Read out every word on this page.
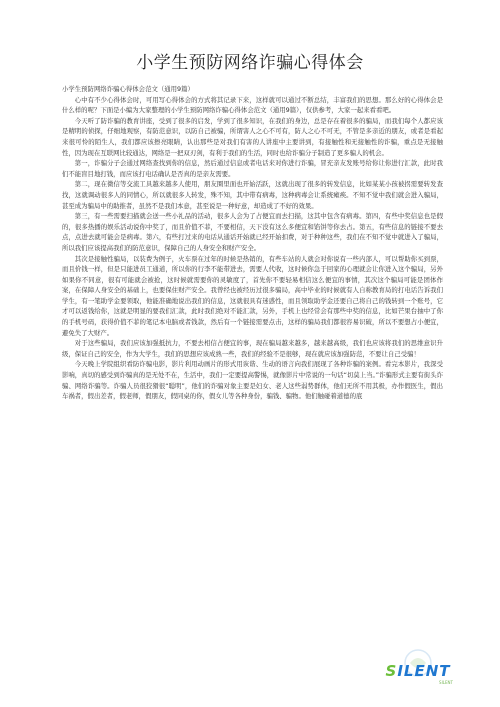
小学生预防网络诈骗心得体会

小学生预防网络诈骗心得体会范文（通用9篇）

心中有不少心得体会时，可用写心得体会的方式将其记录下来，这样就可以通过不断总结，丰富我们的思想。那么好的心得体会是什么样的呢？下面是小编为大家整理的小学生预防网络诈骗心得体会范文（通用9篇），仅供参考，大家一起来看看吧。

今天听了防诈骗的教育讲座，受到了很多的启发，学到了很多知识，在我们的身边，总是存在着很多的骗局，而我们每个人都应该是精明的侦探，仔细地观察，有防范意识，以防自己被骗，所谓害人之心不可有，防人之心不可无，不管是多亲近的朋友，或者是看起来很可怜的陌生人，我们都应该擦亮眼睛，认出那些是对我们有害的人讲座中主要讲到，有接触性和无接触性的诈骗，重点是无接触性，因为现在互联网比较通达，网络是一把双刃剑，有利于我们的生活，同时也给诈骗分子制造了更多骗人的机会。

第一，诈骗分子会通过网络查找到你的信息，然后通过信息或者电话来对你进行诈骗，冒充亲友发账号给你让你进行汇款，此时我们不能盲目地打钱，而应该打电话确认是否真的是亲友需要。

第二，现在微信等交流工具越来越多人使用，朋友圈里面也开始活跃，这就出现了很多的转发信息，比如某某小孩被拐需要转发查找，这就调动很多人的同情心，所以就很多人转发，殊不知，其中带有病毒，这种病毒会让系统瘫痪。不知不觉中我们就会进入骗局，甚至成为骗局中的助推者，虽然不是我们本意，甚至说是一种好意，却造成了不好的效果。

第三，有一些需要扫描就会送一些小礼品的活动，很多人会为了占便宜而去扫描，这其中包含有病毒。第四，有些中奖信息也是假的，很多热播的娱乐活动说你中奖了，而且价值不菲，不要相信，天下没有这么多便宜和馅饼等你去占。第五，有些信息的链接不要去点，点进去就可能会是病毒。第六，有些打过来的电话从通话开始就已经开始扣费，对于种种这些，我们在不知不觉中就进入了骗局，所以我们应该提高我们的防范意识，保障自己的人身安全和财产安全。

其次是接触性骗局，以装费为例子，火车票在过年的时候是热销的，有些车站的人就会对你说有一些内部人，可以帮助你买到票，而且价钱一样，但是只能进员工通道，所以你的行李不能带进去，需要人代收，这时候你急于回家的心理就会让你进入这个骗局，另外如果你不同意，很有可能就会被抢，这时候就需要你的灵敏度了，首先你不要轻易相信这么便宜的事情，其次这个骗局可能是团体作案，在保障人身安全的基础上，也要保住财产安全。我曾经也被经历过很多骗局，高中毕业的时候就有人自称教育局的打电话告诉我们学生，有一笔助学金要领取，他能准确地说出我们的信息，这就很具有迷惑性，而且领取助学金还要自己将自己的钱转到一个账号，它才可以返钱给你，这就是明显的要我们汇款，此时我们绝对不能汇款，另外，手机上也经常会有那些中奖的信息，比如芒果台抽中了你的手机号码，获得价值不菲的笔记本电脑或者钱款，然后有一个链接需要点击，这样的骗局我们都很容易识破，所以不要想占小便宜，避免失了大财产。

对于这些骗局，我们应该加强抵抗力，不要去相信占便宜的事，现在骗局越来越多，越来越高级，我们也应该将我们的思维意识升级，保证自己的安全，作为大学生，我们的思想应该成熟一些，我们的经验不是很够，现在就应该加强防范，不要让自己受骗！

今天晚上学院组织看防诈骗电影，影片利用动画片的形式用诙谐、生动的语言向我们展现了各种诈骗的案例。看完本影片，我深受影响，真切的感受到诈骗真的是无处不在，生活中，我们一定要提高警惕，就像影片中常说的一句话“切莫上当。”诈骗形式主要有街头诈骗、网络诈骗等。诈骗人员很狡猾很“聪明”，他们的诈骗对象主要是妇女、老人这些弱势群体，他们无所不用其极，办作假医生，假出车祸者，假出差者，假老师，假朋友，假同桌的你，假女儿等各种身份，骗钱、骗物。他们触碰着道德的底

SILENT
SILENT
